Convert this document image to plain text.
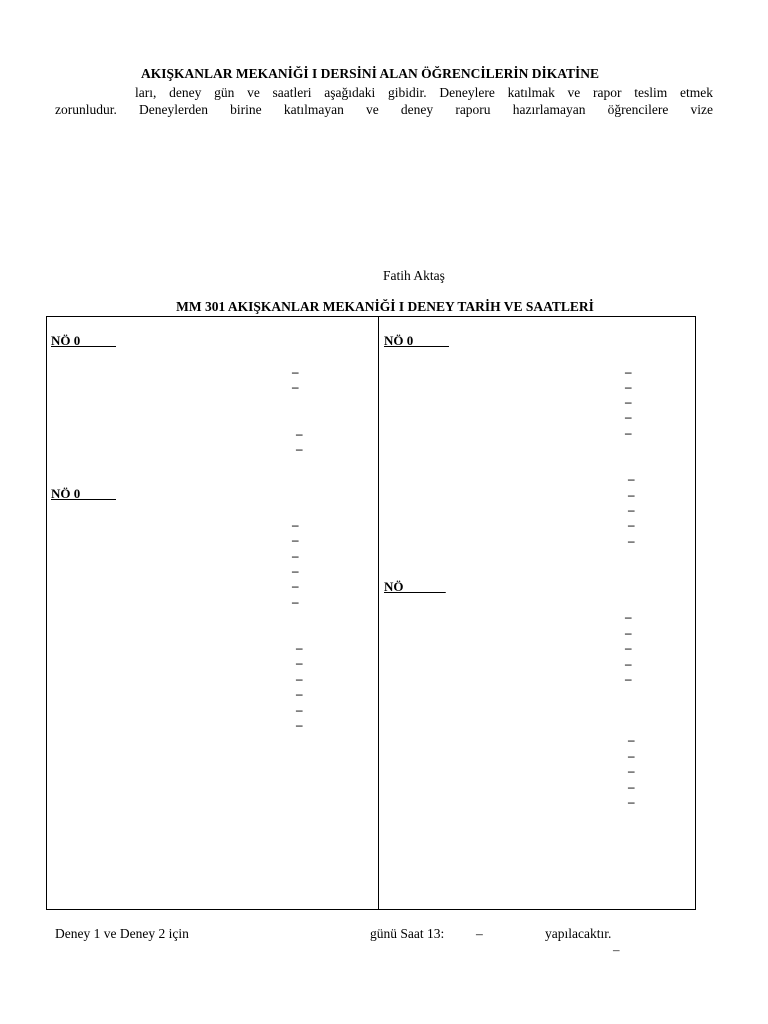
AKIŞKANLAR MEKANİĞİ I DERSİNİ ALAN ÖĞRENCİLERİN DİKATİNE
ları, deney gün ve saatleri aşağıdaki gibidir. Deneylere katılmak ve rapor teslim etmek
zorunludur. Deneylerden birine katılmayan ve deney raporu hazırlamayan öğrencilere vize
Fatih Aktaş
MM 301 AKIŞKANLAR MEKANİĞİ I DENEY TARİH VE SAATLERİ
NÖ 0
NÖ 0
NÖ 0
NÖ
–
–
–
–
–
–
–
–
–
–
–
–
–
–
–
–
–
–
–
–
–
–
–
–
–
–
–
–
–
–
–
–
–
–
–
–
Deney 1 ve Deney 2 için	günü Saat 13: –	yapılacaktır.
–
